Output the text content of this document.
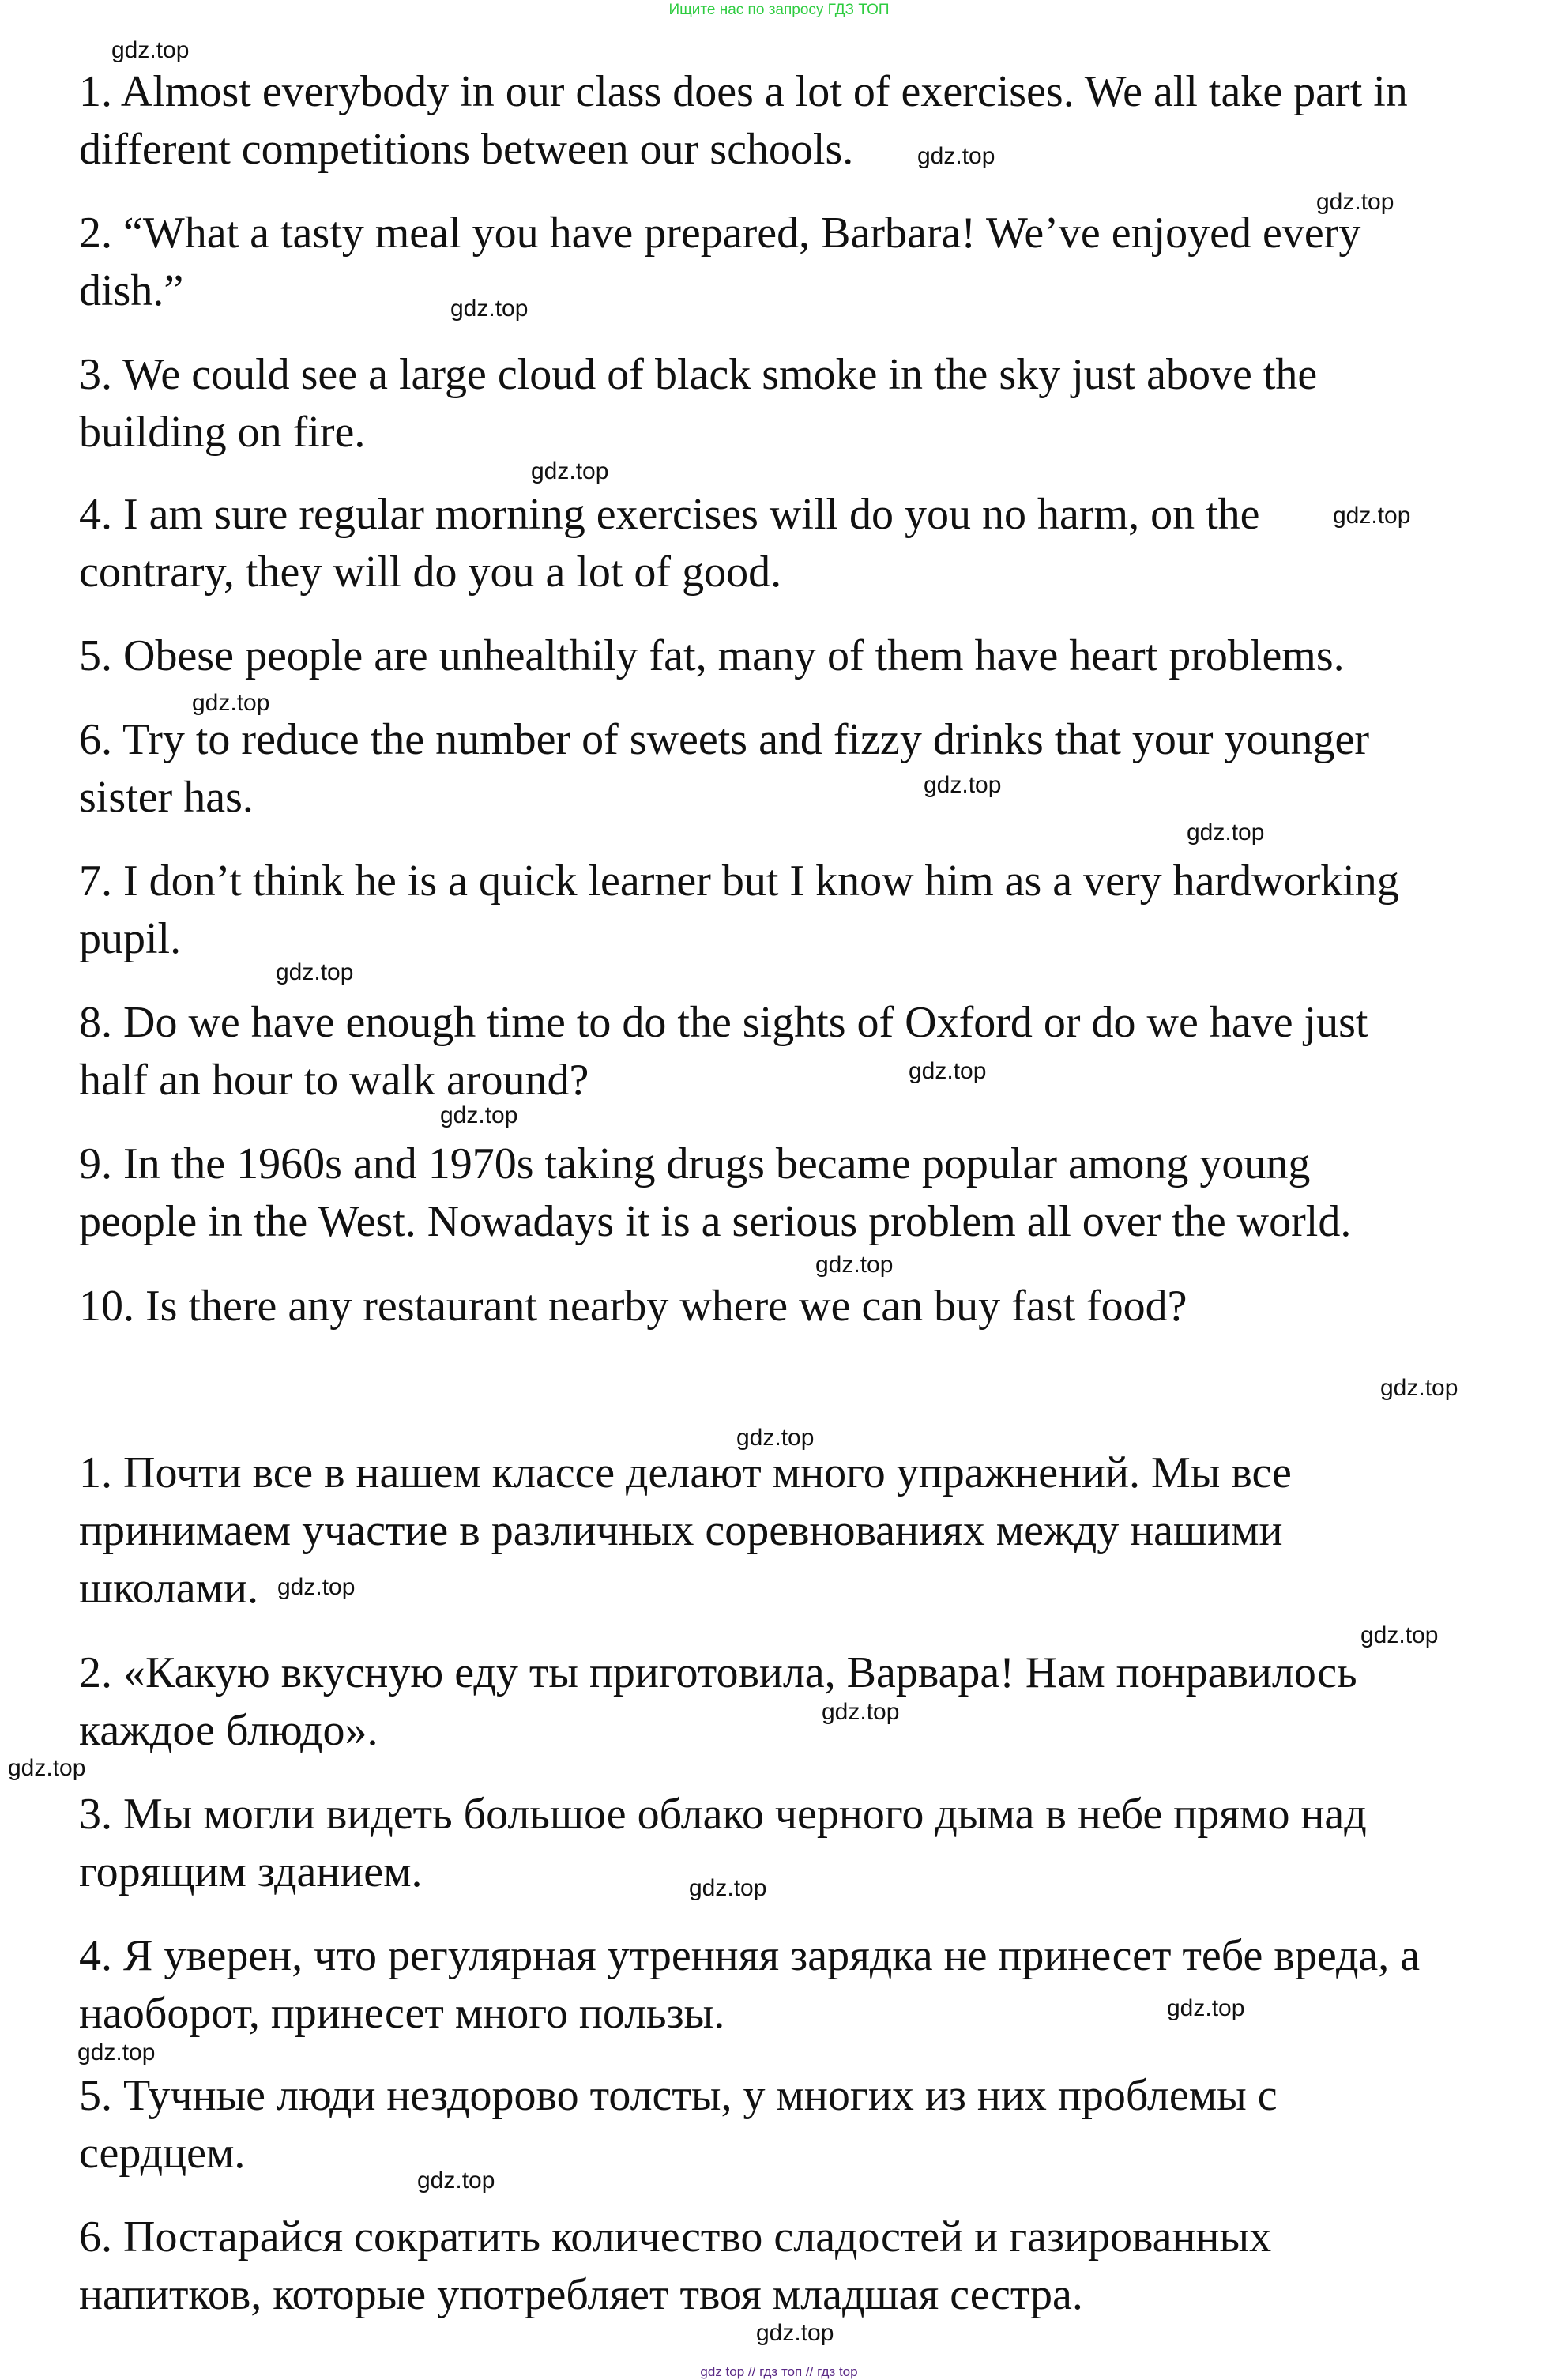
Ищите нас по запросу ГДЗ ТОП
1. Almost everybody in our class does a lot of exercises. We all take part in
different competitions between our schools.
2. “What a tasty meal you have prepared, Barbara! We’ve enjoyed every
dish.”
3. We could see a large cloud of black smoke in the sky just above the
building on fire.
4. I am sure regular morning exercises will do you no harm, on the
contrary, they will do you a lot of good.
5. Obese people are unhealthily fat, many of them have heart problems.
6. Try to reduce the number of sweets and fizzy drinks that your younger
sister has.
7. I don’t think he is a quick learner but I know him as a very hardworking
pupil.
8. Do we have enough time to do the sights of Oxford or do we have just
half an hour to walk around?
9. In the 1960s and 1970s taking drugs became popular among young
people in the West. Nowadays it is a serious problem all over the world.
10. Is there any restaurant nearby where we can buy fast food?
1. Почти все в нашем классе делают много упражнений. Мы все
принимаем участие в различных соревнованиях между нашими
школами.
2. «Какую вкусную еду ты приготовила, Варвара! Нам понравилось
каждое блюдо».
3. Мы могли видеть большое облако черного дыма в небе прямо над
горящим зданием.
4. Я уверен, что регулярная утренняя зарядка не принесет тебе вреда, а
наоборот, принесет много пользы.
5. Тучные люди нездорово толсты, у многих из них проблемы с
сердцем.
6. Постарайся сократить количество сладостей и газированных
напитков, которые употребляет твоя младшая сестра.
gdz.top
gdz.top
gdz.top
gdz.top
gdz.top
gdz.top
gdz.top
gdz.top
gdz.top
gdz.top
gdz.top
gdz.top
gdz.top
gdz.top
gdz.top
gdz.top
gdz.top
gdz.top
gdz.top
gdz.top
gdz.top
gdz.top
gdz.top
gdz.top
gdz top // гдз топ // гдз top
